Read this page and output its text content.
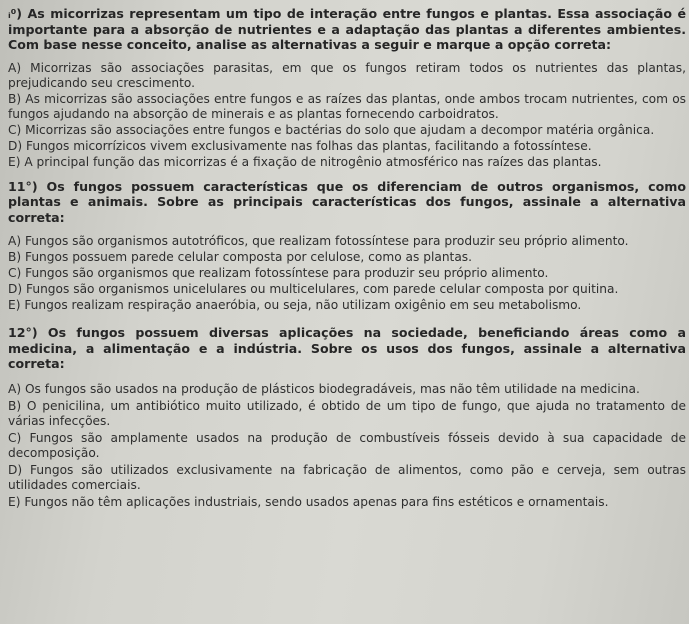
ᵢ⁰) As micorrizas representam um tipo de interação entre fungos e plantas. Essa associação é importante para a absorção de nutrientes e a adaptação das plantas a diferentes ambientes. Com base nesse conceito, analise as alternativas a seguir e marque a opção correta:

A) Micorrizas são associações parasitas, em que os fungos retiram todos os nutrientes das plantas, prejudicando seu crescimento.

B) As micorrizas são associações entre fungos e as raízes das plantas, onde ambos trocam nutrientes, com os fungos ajudando na absorção de minerais e as plantas fornecendo carboidratos.

C) Micorrizas são associações entre fungos e bactérias do solo que ajudam a decompor matéria orgânica.

D) Fungos micorrízicos vivem exclusivamente nas folhas das plantas, facilitando a fotossíntese.

E) A principal função das micorrizas é a fixação de nitrogênio atmosférico nas raízes das plantas.

11°) Os fungos possuem características que os diferenciam de outros organismos, como plantas e animais. Sobre as principais características dos fungos, assinale a alternativa correta:

A) Fungos são organismos autotróficos, que realizam fotossíntese para produzir seu próprio alimento.

B) Fungos possuem parede celular composta por celulose, como as plantas.

C) Fungos são organismos que realizam fotossíntese para produzir seu próprio alimento.

D) Fungos são organismos unicelulares ou multicelulares, com parede celular composta por quitina.

E) Fungos realizam respiração anaeróbia, ou seja, não utilizam oxigênio em seu metabolismo.

12°) Os fungos possuem diversas aplicações na sociedade, beneficiando áreas como a medicina, a alimentação e a indústria. Sobre os usos dos fungos, assinale a alternativa correta:

A) Os fungos são usados na produção de plásticos biodegradáveis, mas não têm utilidade na medicina.

B) O penicilina, um antibiótico muito utilizado, é obtido de um tipo de fungo, que ajuda no tratamento de várias infecções.

C) Fungos são amplamente usados na produção de combustíveis fósseis devido à sua capacidade de decomposição.

D) Fungos são utilizados exclusivamente na fabricação de alimentos, como pão e cerveja, sem outras utilidades comerciais.

E) Fungos não têm aplicações industriais, sendo usados apenas para fins estéticos e ornamentais.
